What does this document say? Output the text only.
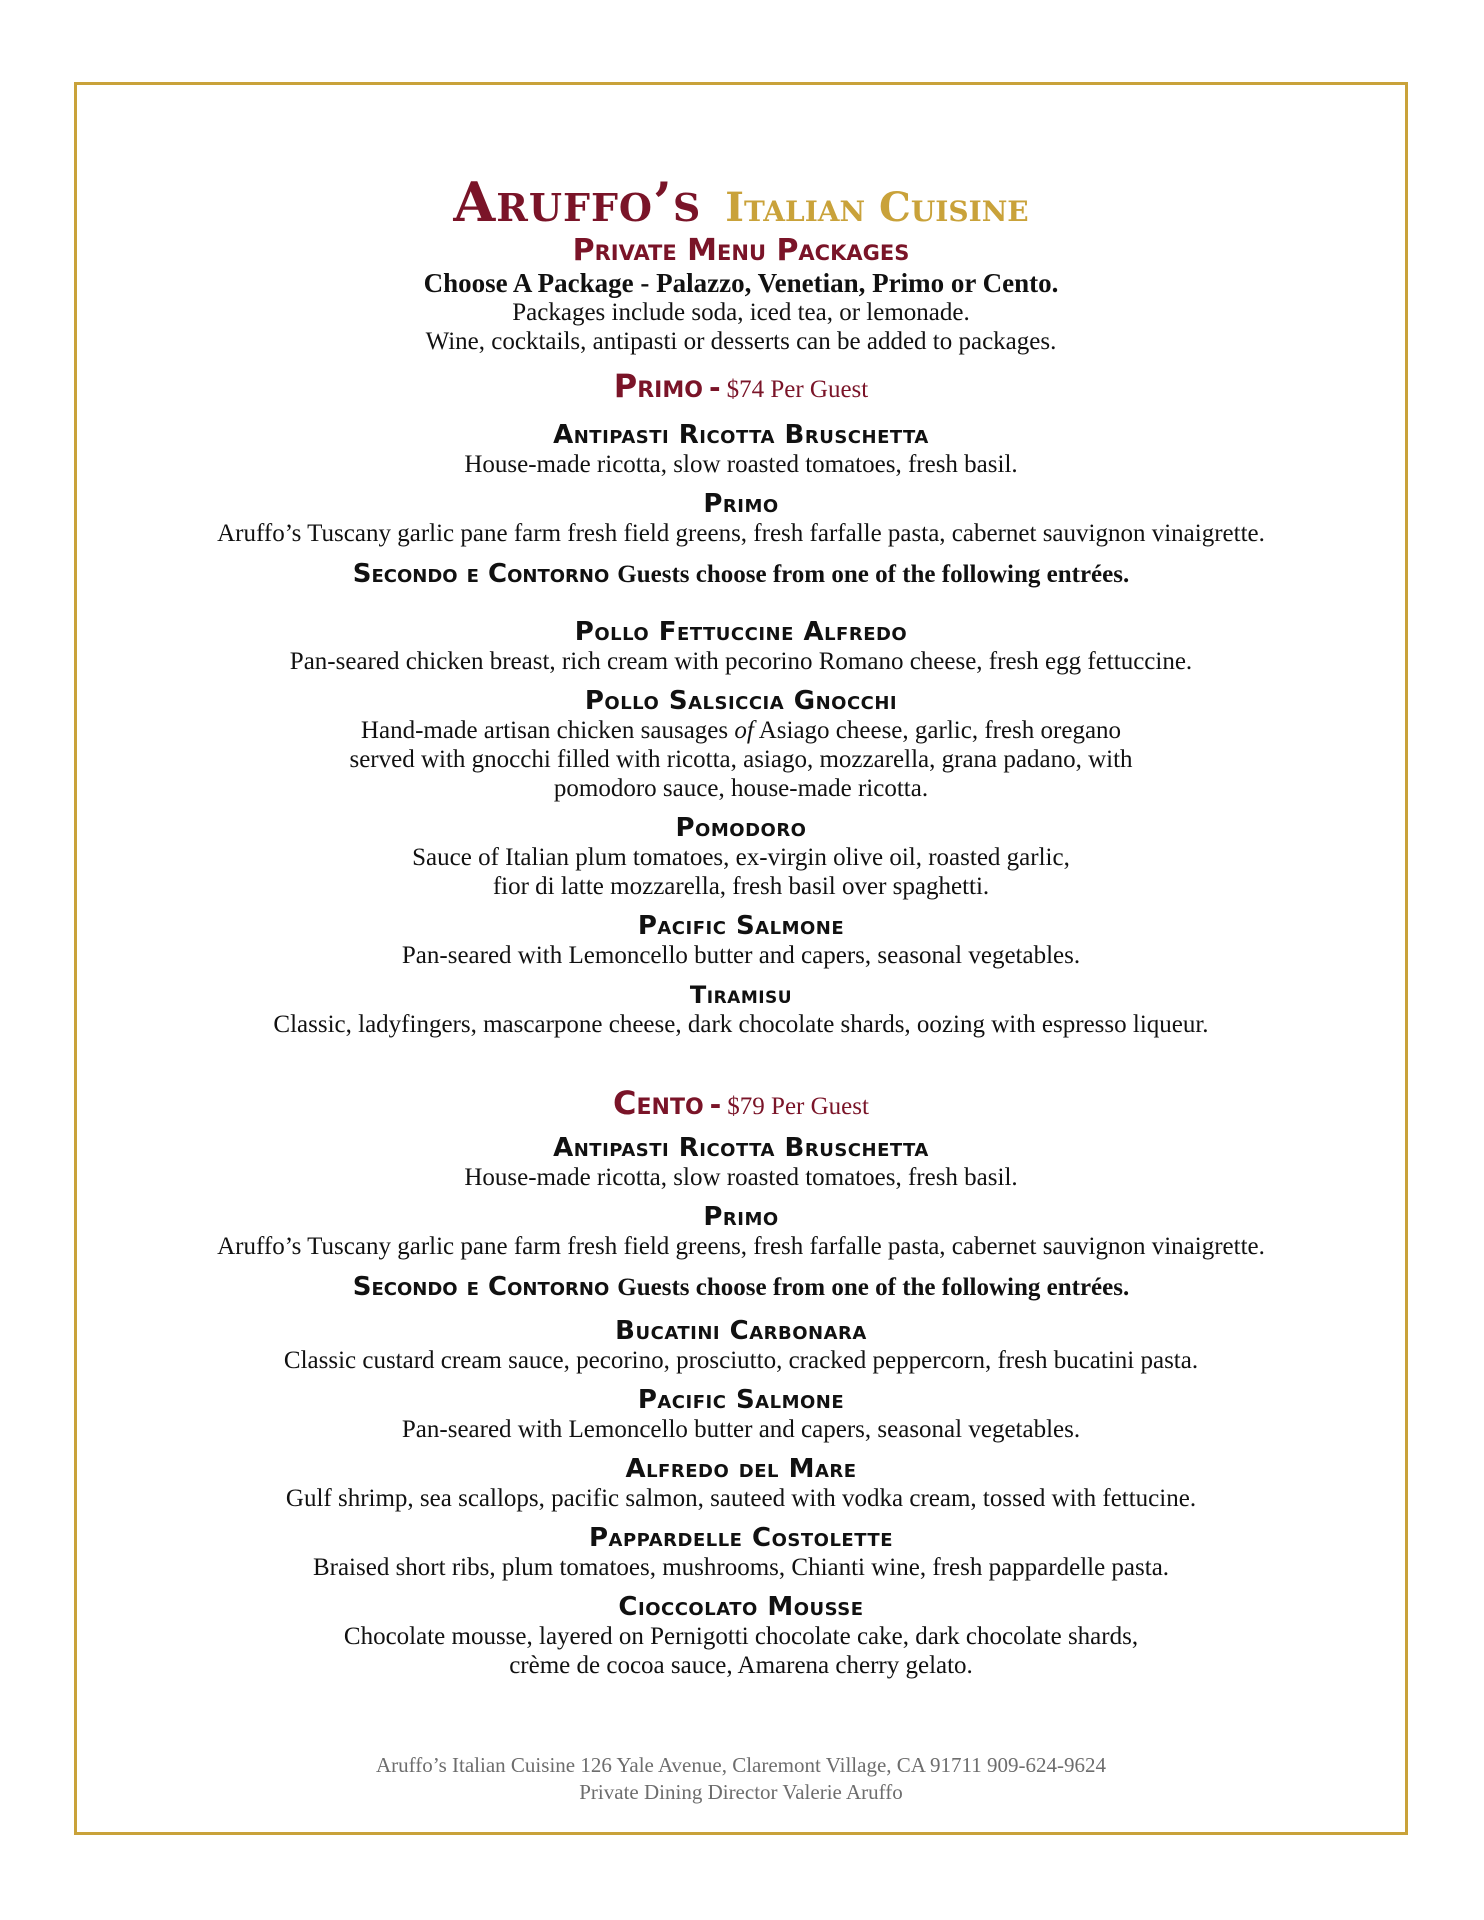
Aruffo’s Italian Cuisine

Private Menu Packages

Choose A Package - Palazzo, Venetian, Primo or Cento.

Packages include soda, iced tea, or lemonade.

Wine, cocktails, antipasti or desserts can be added to packages.

Primo - $74 Per Guest

Antipasti Ricotta Bruschetta

House-made ricotta, slow roasted tomatoes, fresh basil.

Primo

Aruffo’s Tuscany garlic pane farm fresh field greens, fresh farfalle pasta, cabernet sauvignon vinaigrette.

Secondo e Contorno Guests choose from one of the following entrées.

Pollo Fettuccine Alfredo

Pan-seared chicken breast, rich cream with pecorino Romano cheese, fresh egg fettuccine.

Pollo Salsiccia Gnocchi

Hand-made artisan chicken sausages of Asiago cheese, garlic, fresh oregano

served with gnocchi filled with ricotta, asiago, mozzarella, grana padano, with

pomodoro sauce, house-made ricotta.

Pomodoro

Sauce of Italian plum tomatoes, ex-virgin olive oil, roasted garlic,

fior di latte mozzarella, fresh basil over spaghetti.

Pacific Salmone

Pan-seared with Lemoncello butter and capers, seasonal vegetables.

Tiramisu

Classic, ladyfingers, mascarpone cheese, dark chocolate shards, oozing with espresso liqueur.

Cento - $79 Per Guest

Antipasti Ricotta Bruschetta

House-made ricotta, slow roasted tomatoes, fresh basil.

Primo

Aruffo’s Tuscany garlic pane farm fresh field greens, fresh farfalle pasta, cabernet sauvignon vinaigrette.

Secondo e Contorno Guests choose from one of the following entrées.

Bucatini Carbonara

Classic custard cream sauce, pecorino, prosciutto, cracked peppercorn, fresh bucatini pasta.

Pacific Salmone

Pan-seared with Lemoncello butter and capers, seasonal vegetables.

Alfredo del Mare

Gulf shrimp, sea scallops, pacific salmon, sauteed with vodka cream, tossed with fettucine.

Pappardelle Costolette

Braised short ribs, plum tomatoes, mushrooms, Chianti wine, fresh pappardelle pasta.

Cioccolato Mousse

Chocolate mousse, layered on Pernigotti chocolate cake, dark chocolate shards,

crème de cocoa sauce, Amarena cherry gelato.

Aruffo’s Italian Cuisine 126 Yale Avenue, Claremont Village, CA 91711 909-624-9624

Private Dining Director Valerie Aruffo
